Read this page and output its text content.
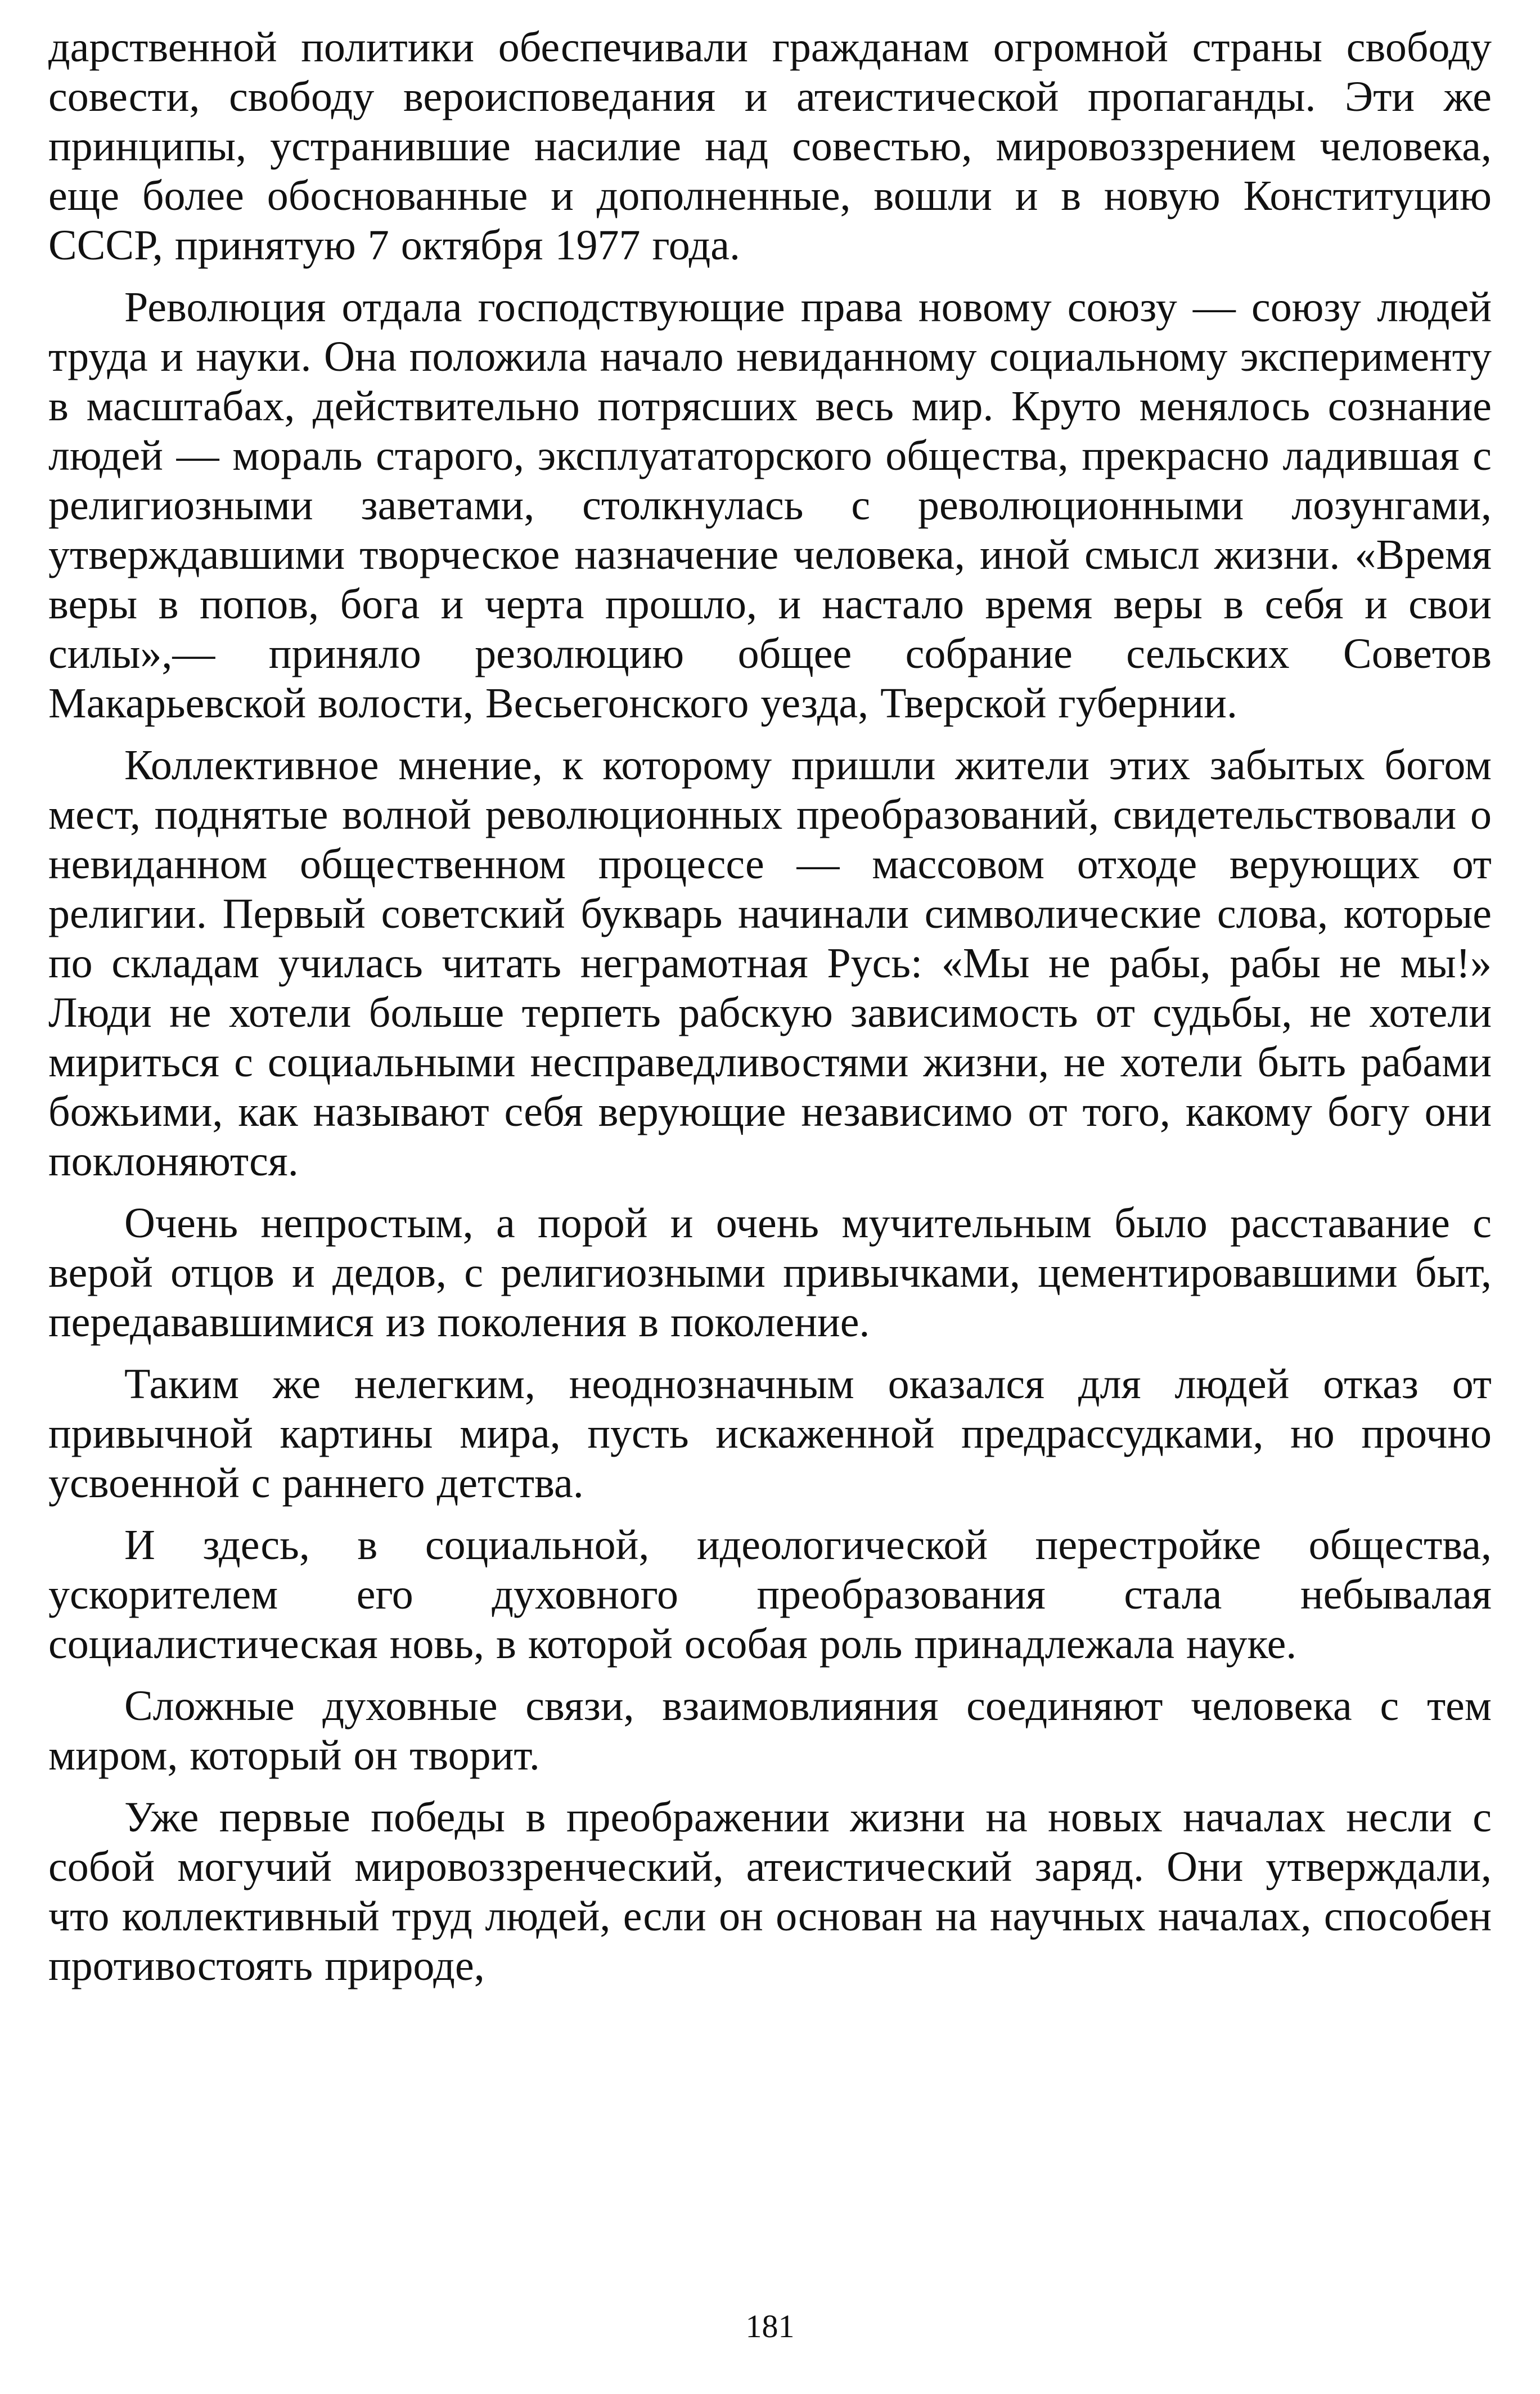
дарственной политики обеспечивали гражданам огромной страны свободу совести, свободу вероисповедания и атеистической пропаганды. Эти же принципы, устранившие насилие над совестью, мировоззрением человека, еще более обоснованные и дополненные, вошли и в новую Конституцию СССР, принятую 7 октября 1977 года.

Революция отдала господствующие права новому союзу — союзу людей труда и науки. Она положила начало невиданному социальному эксперименту в масштабах, действительно потрясших весь мир. Круто менялось сознание людей — мораль старого, эксплуататорского общества, прекрасно ладившая с религиозными заветами, столкнулась с революционными лозунгами, утверждавшими творческое назначение человека, иной смысл жизни. «Время веры в попов, бога и черта прошло, и настало время веры в себя и свои силы»,— приняло резолюцию общее собрание сельских Советов Макарьевской волости, Весьегонского уезда, Тверской губернии.

Коллективное мнение, к которому пришли жители этих забытых богом мест, поднятые волной революционных преобразований, свидетельствовали о невиданном общественном процессе — массовом отходе верующих от религии. Первый советский букварь начинали символические слова, которые по складам училась читать неграмотная Русь: «Мы не рабы, рабы не мы!» Люди не хотели больше терпеть рабскую зависимость от судьбы, не хотели мириться с социальными несправедливостями жизни, не хотели быть рабами божьими, как называют себя верующие независимо от того, какому богу они поклоняются.

Очень непростым, а порой и очень мучительным было расставание с верой отцов и дедов, с религиозными привычками, цементировавшими быт, передававшимися из поколения в поколение.

Таким же нелегким, неоднозначным оказался для людей отказ от привычной картины мира, пусть искаженной предрассудками, но прочно усвоенной с раннего детства.

И здесь, в социальной, идеологической перестройке общества, ускорителем его духовного преобразования стала небывалая социалистическая новь, в которой особая роль принадлежала науке.

Сложные духовные связи, взаимовлияния соединяют человека с тем миром, который он творит.

Уже первые победы в преображении жизни на новых началах несли с собой могучий мировоззренческий, атеистический заряд. Они утверждали, что коллективный труд людей, если он основан на научных началах, способен противостоять природе,

181
